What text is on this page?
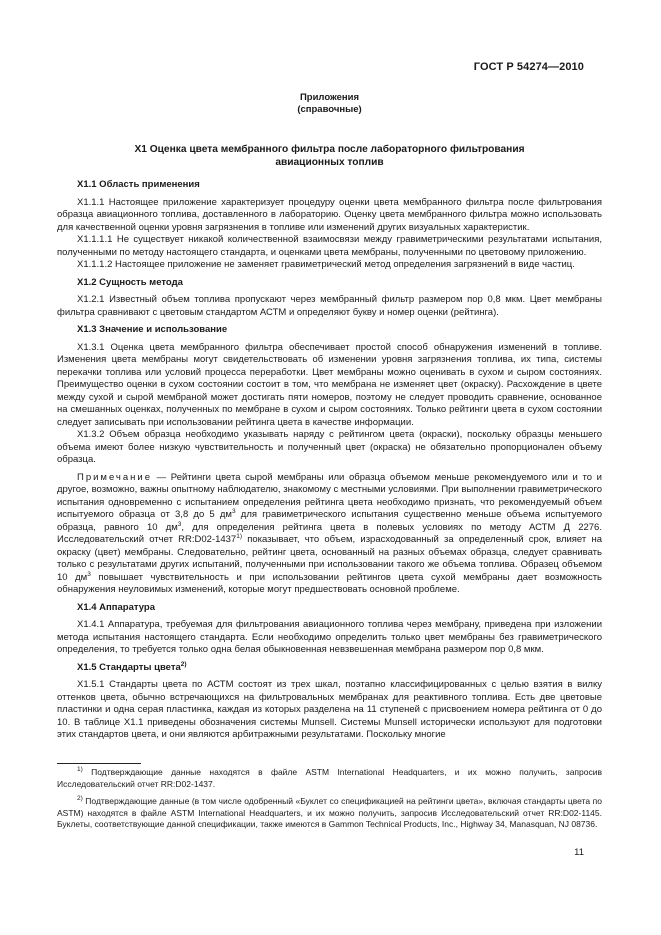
ГОСТ Р 54274—2010
Приложения
(справочные)
Х1 Оценка цвета мембранного фильтра после лабораторного фильтрования
авиационных топлив

Х1.1 Область применения

Х1.1.1 Настоящее приложение характеризует процедуру оценки цвета мембранного фильтра после фильтрования образца авиационного топлива, доставленного в лабораторию. Оценку цвета мембранного фильтра можно использовать для качественной оценки уровня загрязнения в топливе или изменений других визуальных характеристик.

Х1.1.1.1 Не существует никакой количественной взаимосвязи между гравиметрическими результатами испытания, полученными по методу настоящего стандарта, и оценками цвета мембраны, полученными по цветовому приложению.

Х1.1.1.2 Настоящее приложение не заменяет гравиметрический метод определения загрязнений в виде частиц.

Х1.2 Сущность метода

Х1.2.1 Известный объем топлива пропускают через мембранный фильтр размером пор 0,8 мкм. Цвет мембраны фильтра сравнивают с цветовым стандартом АСТМ и определяют букву и номер оценки (рейтинга).

Х1.3 Значение и использование

Х1.3.1 Оценка цвета мембранного фильтра обеспечивает простой способ обнаружения изменений в топливе. Изменения цвета мембраны могут свидетельствовать об изменении уровня загрязнения топлива, их типа, системы перекачки топлива или условий процесса переработки. Цвет мембраны можно оценивать в сухом и сыром состояниях. Преимущество оценки в сухом состоянии состоит в том, что мембрана не изменяет цвет (окраску). Расхождение в цвете между сухой и сырой мембраной может достигать пяти номеров, поэтому не следует проводить сравнение, основанное на смешанных оценках, полученных по мембране в сухом и сыром состояниях. Только рейтинги цвета в сухом состоянии следует записывать при использовании рейтинга цвета в качестве информации.

Х1.3.2 Объем образца необходимо указывать наряду с рейтингом цвета (окраски), поскольку образцы меньшего объема имеют более низкую чувствительность и полученный цвет (окраска) не обязательно пропорционален объему образца.

Примечание — Рейтинги цвета сырой мембраны или образца объемом меньше рекомендуемого или и то и другое, возможно, важны опытному наблюдателю, знакомому с местными условиями. При выполнении гравиметрического испытания одновременно с испытанием определения рейтинга цвета необходимо признать, что рекомендуемый объем испытуемого образца от 3,8 до 5 $дм^3$ для гравиметрического испытания существенно меньше объема испытуемого образца, равного 10 $дм^3$, для определения рейтинга цвета в полевых условиях по методу АСТМ Д 2276. Исследовательский отчет RR:D02-1437$^{1)}$ показывает, что объем, израсходованный за определенный срок, влияет на окраску (цвет) мембраны. Следовательно, рейтинг цвета, основанный на разных объемах образца, следует сравнивать только с результатами других испытаний, полученными при использовании такого же объема топлива. Образец объемом 10 $дм^3$ повышает чувствительность и при использовании рейтингов цвета сухой мембраны дает возможность обнаружения неуловимых изменений, которые могут предшествовать основной проблеме.

Х1.4 Аппаратура

Х1.4.1 Аппаратура, требуемая для фильтрования авиационного топлива через мембрану, приведена при изложении метода испытания настоящего стандарта. Если необходимо определить только цвет мембраны без гравиметрического определения, то требуется только одна белая обыкновенная невзвешенная мембрана размером пор 0,8 мкм.

Х1.5 Стандарты цвета$^{2)}$

Х1.5.1 Стандарты цвета по АСТМ состоят из трех шкал, поэтапно классифицированных с целью взятия в вилку оттенков цвета, обычно встречающихся на фильтровальных мембранах для реактивного топлива. Есть две цветовые пластинки и одна серая пластинка, каждая из которых разделена на 11 ступеней с присвоением номера рейтинга от 0 до 10. В таблице Х1.1 приведены обозначения системы Munsell. Системы Munsell исторически используют для подготовки этих стандартов цвета, и они являются арбитражными результатами. Поскольку многие

$^{1)}$ Подтверждающие данные находятся в файле ASTM International Headquarters, и их можно получить, запросив Исследовательский отчет RR:D02-1437.

$^{2)}$ Подтверждающие данные (в том числе одобренный «Буклет со спецификацией на рейтинги цвета», включая стандарты цвета по ASTM) находятся в файле ASTM International Headquarters, и их можно получить, запросив Исследовательский отчет RR:D02-1145. Буклеты, соответствующие данной спецификации, также имеются в Gammon Technical Products, Inc., Highway 34, Manasquan, NJ 08736.

11
